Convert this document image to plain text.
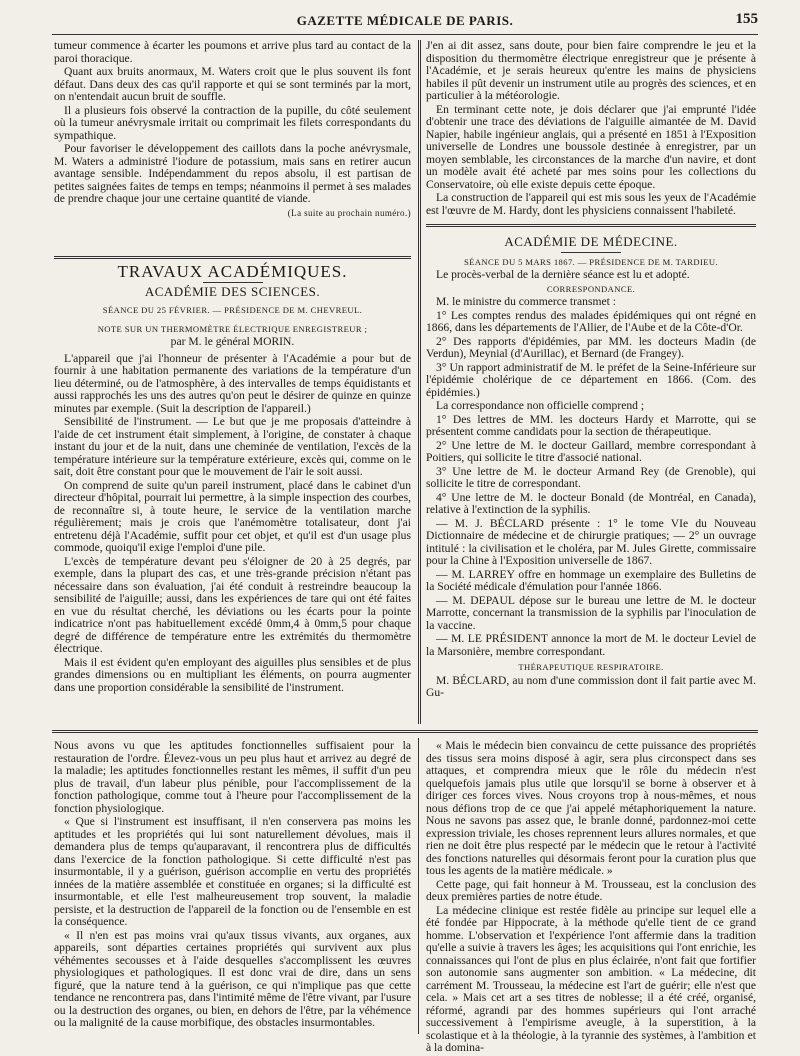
GAZETTE MÉDICALE DE PARIS.	155

tumeur commence à écarter les poumons et arrive plus tard au contact de la paroi thoracique.

Quant aux bruits anormaux, M. Waters croit que le plus souvent ils font défaut. Dans deux des cas qu'il rapporte et qui se sont terminés par la mort, on n'entendait aucun bruit de souffle.

Il a plusieurs fois observé la contraction de la pupille, du côté seulement où la tumeur anévrysmale irritait ou comprimait les filets correspondants du sympathique.

Pour favoriser le développement des caillots dans la poche anévrysmale, M. Waters a administré l'iodure de potassium, mais sans en retirer aucun avantage sensible. Indépendamment du repos absolu, il est partisan de petites saignées faites de temps en temps; néanmoins il permet à ses malades de prendre chaque jour une certaine quantité de viande.

(La suite au prochain numéro.)

TRAVAUX ACADÉMIQUES.

ACADÉMIE DES SCIENCES.

SÉANCE DU 25 FÉVRIER. — PRÉSIDENCE DE M. CHEVREUL.

NOTE SUR UN THERMOMÈTRE ÉLECTRIQUE ENREGISTREUR ;

par M. le général MORIN.

L'appareil que j'ai l'honneur de présenter à l'Académie a pour but de fournir à une habitation permanente des variations de la température d'un lieu déterminé, ou de l'atmosphère, à des intervalles de temps équidistants et aussi rapprochés les uns des autres qu'on peut le désirer de quinze en quinze minutes par exemple. (Suit la description de l'appareil.)

Sensibilité de l'instrument. — Le but que je me proposais d'atteindre à l'aide de cet instrument était simplement, à l'origine, de constater à chaque instant du jour et de la nuit, dans une cheminée de ventilation, l'excès de la température intérieure sur la température extérieure, excès qui, comme on le sait, doit être constant pour que le mouvement de l'air le soit aussi.

On comprend de suite qu'un pareil instrument, placé dans le cabinet d'un directeur d'hôpital, pourrait lui permettre, à la simple inspection des courbes, de reconnaître si, à toute heure, le service de la ventilation marche régulièrement; mais je crois que l'anémomètre totalisateur, dont j'ai entretenu déjà l'Académie, suffit pour cet objet, et qu'il est d'un usage plus commode, quoiqu'il exige l'emploi d'une pile.

L'excès de température devant peu s'éloigner de 20 à 25 degrés, par exemple, dans la plupart des cas, et une très-grande précision n'étant pas nécessaire dans son évaluation, j'ai été conduit à restreindre beaucoup la sensibilité de l'aiguille; aussi, dans les expériences de tare qui ont été faites en vue du résultat cherché, les déviations ou les écarts pour la pointe indicatrice n'ont pas habituellement excédé 0mm,4 à 0mm,5 pour chaque degré de différence de température entre les extrémités du thermomètre électrique.

Mais il est évident qu'en employant des aiguilles plus sensibles et de plus grandes dimensions ou en multipliant les éléments, on pourra augmenter dans une proportion considérable la sensibilité de l'instrument.

J'en ai dit assez, sans doute, pour bien faire comprendre le jeu et la disposition du thermomètre électrique enregistreur que je présente à l'Académie, et je serais heureux qu'entre les mains de physiciens habiles il pût devenir un instrument utile au progrès des sciences, et en particulier à la météorologie.

En terminant cette note, je dois déclarer que j'ai emprunté l'idée d'obtenir une trace des déviations de l'aiguille aimantée de M. David Napier, habile ingénieur anglais, qui a présenté en 1851 à l'Exposition universelle de Londres une boussole destinée à enregistrer, par un moyen semblable, les circonstances de la marche d'un navire, et dont un modèle avait été acheté par mes soins pour les collections du Conservatoire, où elle existe depuis cette époque.

La construction de l'appareil qui est mis sous les yeux de l'Académie est l'œuvre de M. Hardy, dont les physiciens connaissent l'habileté.

ACADÉMIE DE MÉDECINE.

SÉANCE DU 5 MARS 1867. — PRÉSIDENCE DE M. TARDIEU.

Le procès-verbal de la dernière séance est lu et adopté.

CORRESPONDANCE.

M. le ministre du commerce transmet :

1° Les comptes rendus des malades épidémiques qui ont régné en 1866, dans les départements de l'Allier, de l'Aube et de la Côte-d'Or.

2° Des rapports d'épidémies, par MM. les docteurs Madin (de Verdun), Meynial (d'Aurillac), et Bernard (de Frangey).

3° Un rapport administratif de M. le préfet de la Seine-Inférieure sur l'épidémie cholérique de ce département en 1866. (Com. des épidémies.)

La correspondance non officielle comprend ;

1° Des lettres de MM. les docteurs Hardy et Marrotte, qui se présentent comme candidats pour la section de thérapeutique.

2° Une lettre de M. le docteur Gaillard, membre correspondant à Poitiers, qui sollicite le titre d'associé national.

3° Une lettre de M. le docteur Armand Rey (de Grenoble), qui sollicite le titre de correspondant.

4° Une lettre de M. le docteur Bonald (de Montréal, en Canada), relative à l'extinction de la syphilis.

— M. J. BÉCLARD présente : 1° le tome VIe du Nouveau Dictionnaire de médecine et de chirurgie pratiques; — 2° un ouvrage intitulé : la civilisation et le choléra, par M. Jules Girette, commissaire pour la Chine à l'Exposition universelle de 1867.

— M. LARREY offre en hommage un exemplaire des Bulletins de la Société médicale d'émulation pour l'année 1866.

— M. DEPAUL dépose sur le bureau une lettre de M. le docteur Marrotte, concernant la transmission de la syphilis par l'inoculation de la vaccine.

— M. LE PRÉSIDENT annonce la mort de M. le docteur Leviel de la Marsonière, membre correspondant.

THÉRAPEUTIQUE RESPIRATOIRE.

M. BÉCLARD, au nom d'une commission dont il fait partie avec M. Gu-

Nous avons vu que les aptitudes fonctionnelles suffisaient pour la restauration de l'ordre. Élevez-vous un peu plus haut et arrivez au degré de la maladie; les aptitudes fonctionnelles restant les mêmes, il suffit d'un peu plus de travail, d'un labeur plus pénible, pour l'accomplissement de la fonction pathologique, comme tout à l'heure pour l'accomplissement de la fonction physiologique.

« Que si l'instrument est insuffisant, il n'en conservera pas moins les aptitudes et les propriétés qui lui sont naturellement dévolues, mais il demandera plus de temps qu'auparavant, il rencontrera plus de difficultés dans l'exercice de la fonction pathologique. Si cette difficulté n'est pas insurmontable, il y a guérison, guérison accomplie en vertu des propriétés innées de la matière assemblée et constituée en organes; si la difficulté est insurmontable, et elle l'est malheureusement trop souvent, la maladie persiste, et la destruction de l'appareil de la fonction ou de l'ensemble en est la conséquence.

« Il n'en est pas moins vrai qu'aux tissus vivants, aux organes, aux appareils, sont départies certaines propriétés qui survivent aux plus véhémentes secousses et à l'aide desquelles s'accomplissent les œuvres physiologiques et pathologiques. Il est donc vrai de dire, dans un sens figuré, que la nature tend à la guérison, ce qui n'implique pas que cette tendance ne rencontrera pas, dans l'intimité même de l'être vivant, par l'usure ou la destruction des organes, ou bien, en dehors de l'être, par la véhémence ou la malignité de la cause morbifique, des obstacles insurmontables.

« Mais le médecin bien convaincu de cette puissance des propriétés des tissus sera moins disposé à agir, sera plus circonspect dans ses attaques, et comprendra mieux que le rôle du médecin n'est quelquefois jamais plus utile que lorsqu'il se borne à observer et à diriger ces forces vives. Nous croyons trop à nous-mêmes, et nous nous défions trop de ce que j'ai appelé métaphoriquement la nature. Nous ne savons pas assez que, le branle donné, pardonnez-moi cette expression triviale, les choses reprennent leurs allures normales, et que rien ne doit être plus respecté par le médecin que le retour à l'activité des fonctions naturelles qui désormais feront pour la curation plus que tous les agents de la matière médicale. »

Cette page, qui fait honneur à M. Trousseau, est la conclusion des deux premières parties de notre étude.

La médecine clinique est restée fidèle au principe sur lequel elle a été fondée par Hippocrate, à la méthode qu'elle tient de ce grand homme. L'observation et l'expérience l'ont affermie dans la tradition qu'elle a suivie à travers les âges; les acquisitions qui l'ont enrichie, les connaissances qui l'ont de plus en plus éclairée, n'ont fait que fortifier son autonomie sans augmenter son ambition. « La médecine, dit carrément M. Trousseau, la médecine est l'art de guérir; elle n'est que cela. » Mais cet art a ses titres de noblesse; il a été créé, organisé, réformé, agrandi par des hommes supérieurs qui l'ont arraché successivement à l'empirisme aveugle, à la superstition, à la scolastique et à la théologie, à la tyrannie des systèmes, à l'ambition et à la domina-
